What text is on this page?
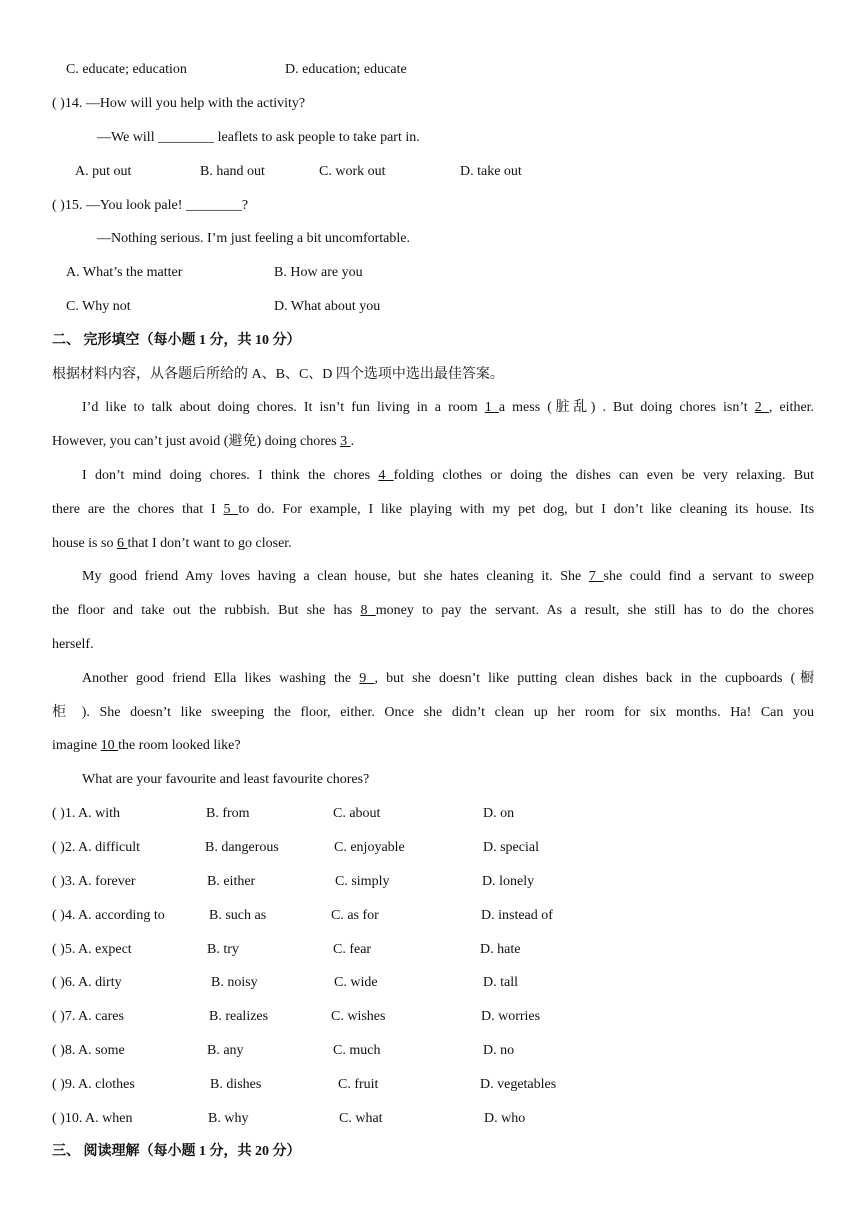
C. educate; education	D. education; educate
( )14. —How will you help with the activity?
—We will ________ leaflets to ask people to take part in.
A. put out	B. hand out	C. work out	D. take out
( )15. —You look pale! ________?
—Nothing serious. I’m just feeling a bit uncomfortable.
A. What’s the matter	B. How are you
C. Why not	D. What about you
二、 完形填空（每小题 1 分，共 10 分）
根据材料内容，从各题后所给的 A、B、C、D 四个选项中选出最佳答案。
I’d like to talk about doing chores. It isn’t fun living in a room 1 a mess (脏乱) . But doing chores isn’t 2 , either.
However, you can’t just avoid (避免) doing chores 3 .
I don’t mind doing chores. I think the chores 4 folding clothes or doing the dishes can even be very relaxing. But
there are the chores that I 5 to do. For example, I like playing with my pet dog, but I don’t like cleaning its house. Its
house is so 6 that I don’t want to go closer.
My good friend Amy loves having a clean house, but she hates cleaning it. She 7 she could find a servant to sweep
the floor and take out the rubbish. But she has 8 money to pay the servant. As a result, she still has to do the chores
herself.
Another good friend Ella likes washing the 9 , but she doesn’t like putting clean dishes back in the cupboards (橱
柜 ). She doesn’t like sweeping the floor, either. Once she didn’t clean up her room for six months. Ha! Can you
imagine 10 the room looked like?
What are your favourite and least favourite chores?
( )1. A. with	B. from	C. about	D. on
( )2. A. difficult	B. dangerous	C. enjoyable	D. special
( )3. A. forever	B. either	C. simply	D. lonely
( )4. A. according to	B. such as	C. as for	D. instead of
( )5. A. expect	B. try	C. fear	D. hate
( )6. A. dirty	B. noisy	C. wide	D. tall
( )7. A. cares	B. realizes	C. wishes	D. worries
( )8. A. some	B. any	C. much	D. no
( )9. A. clothes	B. dishes	C. fruit	D. vegetables
( )10. A. when	B. why	C. what	D. who
三、 阅读理解（每小题 1 分，共 20 分）
